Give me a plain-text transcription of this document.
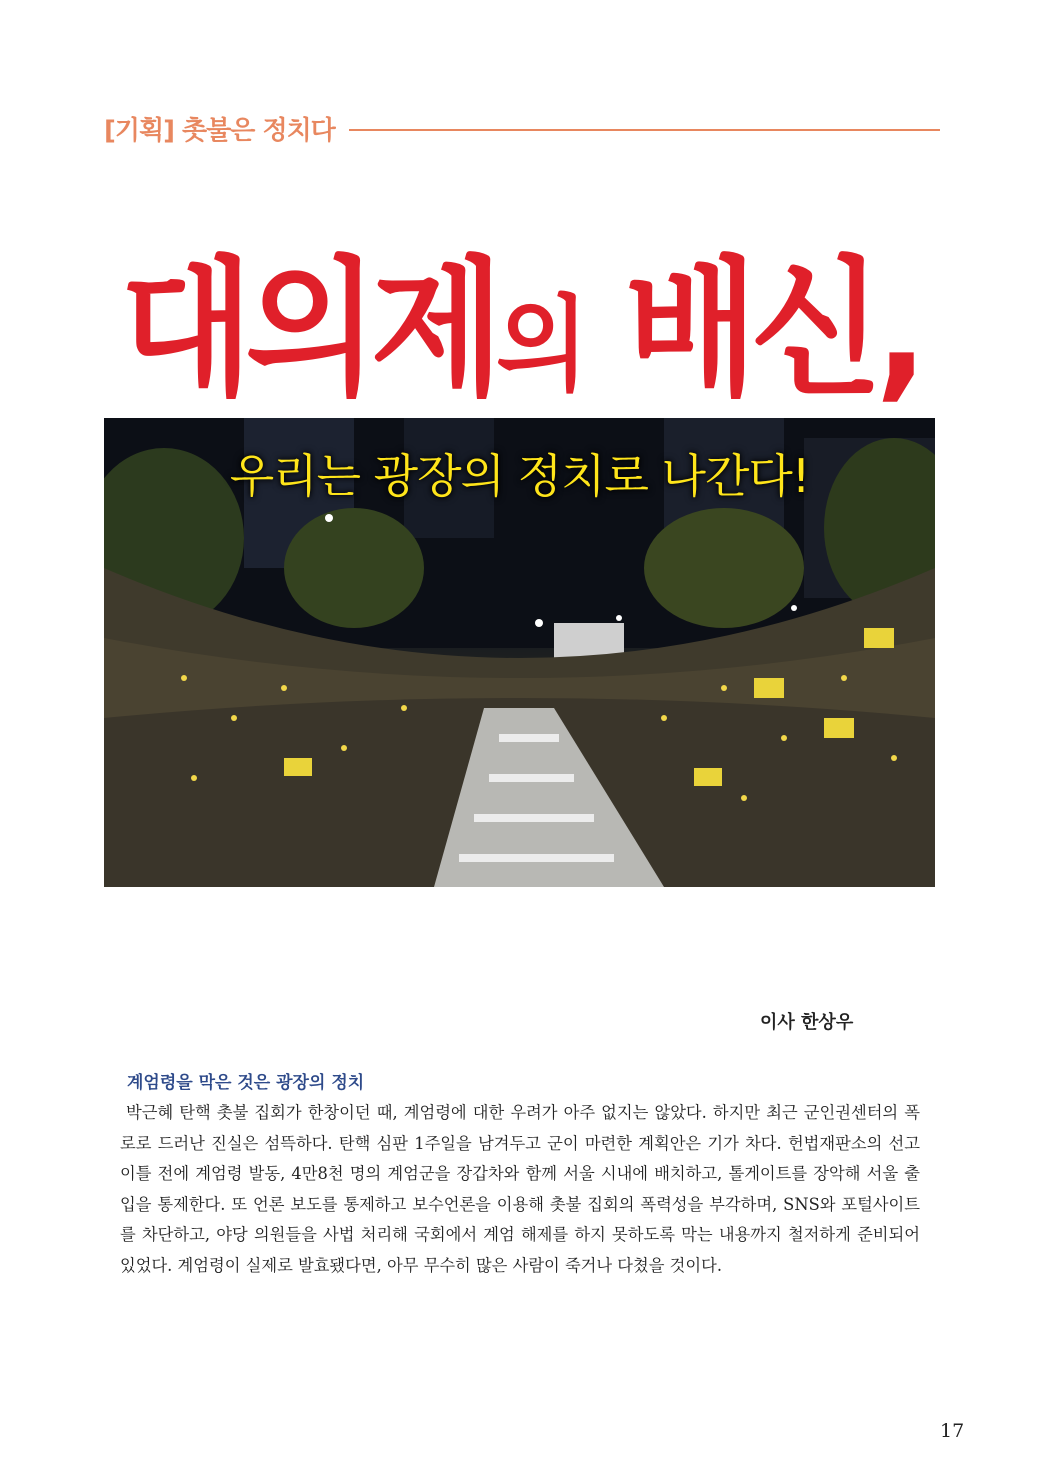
[기획] 촛불은 정치다
대의제의 배신,
우리는 광장의 정치로 나간다!
이사 한상우
계엄령을 막은 것은 광장의 정치
박근혜 탄핵 촛불 집회가 한창이던 때, 계엄령에 대한 우려가 아주 없지는 않았다. 하지만 최근 군인권센터의 폭로로 드러난 진실은 섬뜩하다. 탄핵 심판 1주일을 남겨두고 군이 마련한 계획안은 기가 차다. 헌법재판소의 선고 이틀 전에 계엄령 발동, 4만8천 명의 계엄군을 장갑차와 함께 서울 시내에 배치하고, 톨게이트를 장악해 서울 출입을 통제한다. 또 언론 보도를 통제하고 보수언론을 이용해 촛불 집회의 폭력성을 부각하며, SNS와 포털사이트를 차단하고, 야당 의원들을 사법 처리해 국회에서 계엄 해제를 하지 못하도록 막는 내용까지 철저하게 준비되어 있었다. 계엄령이 실제로 발효됐다면, 아무 무수히 많은 사람이 죽거나 다쳤을 것이다.
17
